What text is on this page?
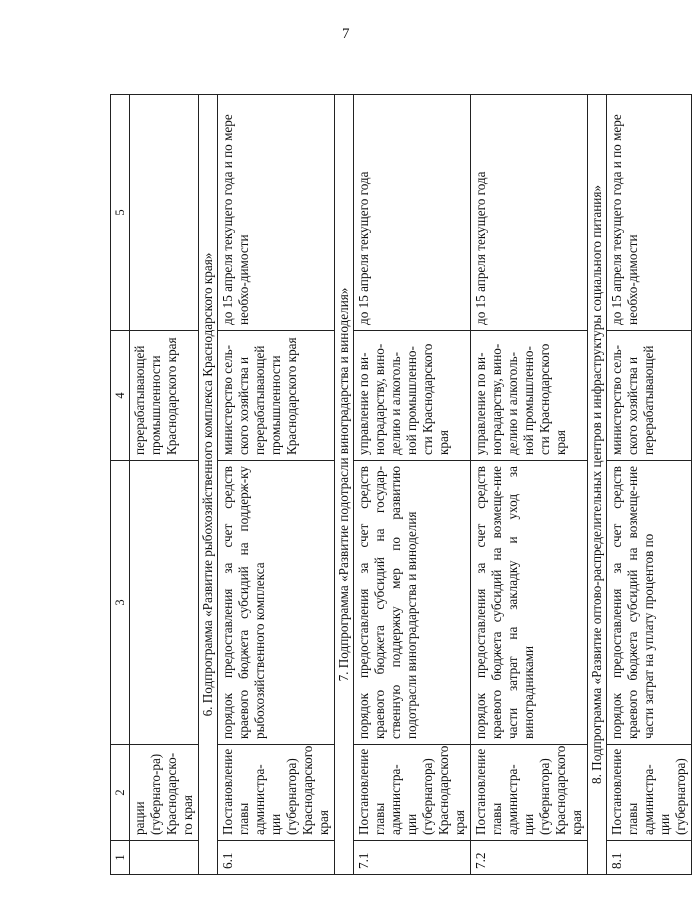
7
1	2	3	4	5
	рации (губернато-ра) Краснодарско-го края		перерабатывающей промышленности Краснодарского края	
6. Подпрограмма «Развитие рыбохозяйственного комплекса Краснодарского края»				
6.1	Постановление главы администра-ции (губернатора) Краснодарского края	порядок предоставления за счет средств краевого бюджета субсидий на поддерж-ку рыбохозяйственного комплекса	министерство сель-ского хозяйства и перерабатывающей промышленности Краснодарского края	до 15 апреля текущего года и по мере необхо-димости
7. Подпрограмма «Развитие подотрасли виноградарства и виноделия»				
7.1	Постановление главы администра-ции (губернатора) Краснодарского края	порядок предоставления за счет средств краевого бюджета субсидий на государ-ственную поддержку мер по развитию подотрасли виноградарства и виноделия	управление по ви-ноградарству, вино-делию и алкоголь-ной промышленно-сти Краснодарского края	до 15 апреля текущего года
7.2	Постановление главы администра-ции (губернатора) Краснодарского края	порядок предоставления за счет средств краевого бюджета субсидий на возмеще-ние части затрат на закладку и уход за виноградниками	управление по ви-ноградарству, вино-делию и алкоголь-ной промышленно-сти Краснодарского края	до 15 апреля текущего года
8. Подпрограмма «Развитие оптово-распределительных центров и инфраструктуры социального питания»				
8.1	Постановление главы администра-ции (губернатора)	порядок предоставления за счет средств краевого бюджета субсидий на возмеще-ние части затрат на уплату процентов по	министерство сель-ского хозяйства и перерабатывающей	до 15 апреля текущего года и по мере необхо-димости
